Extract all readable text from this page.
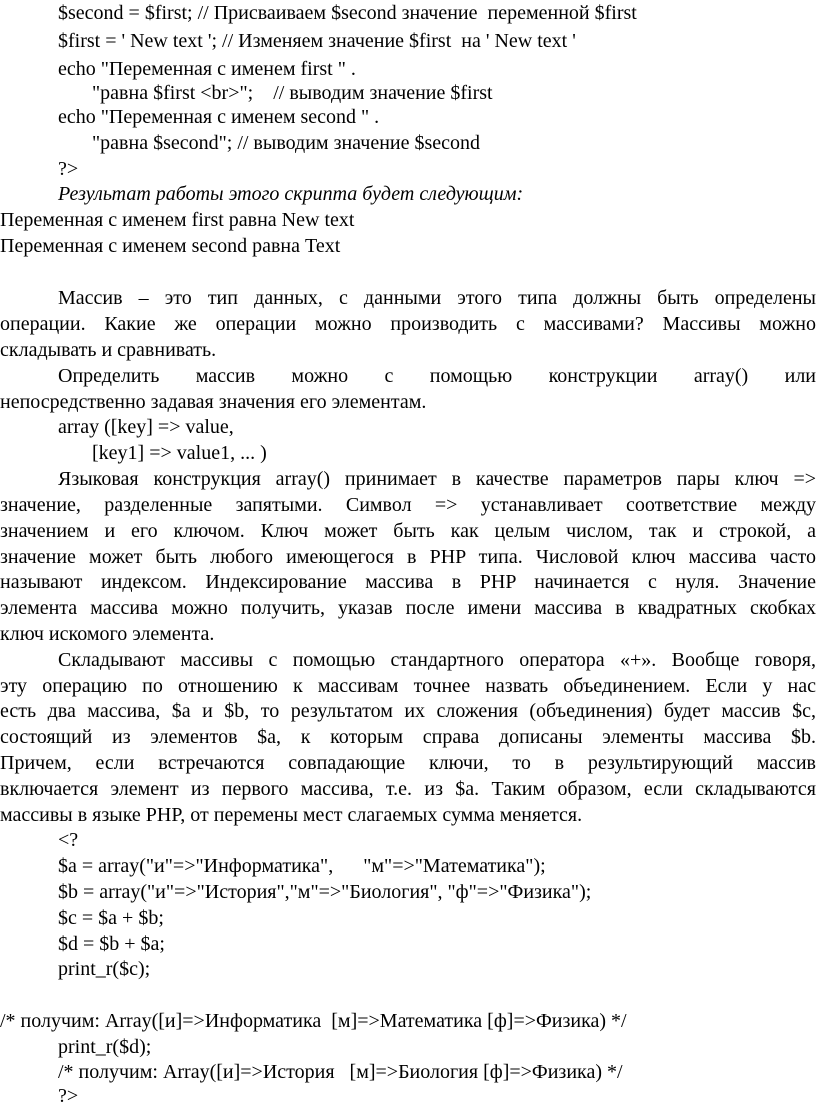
$second = $first; // Присваиваем $second значение  переменной $first

$first = ' New text '; // Изменяем значение $first  на ' New text '

echo "Переменная с именем first " .

"равна $first <br>";    // выводим значение $first

echo "Переменная с именем second " .

"равна $second"; // выводим значение $second

?>

Результат работы этого скрипта будет следующим:

Переменная с именем first равна New text

Переменная с именем second равна Text

Массив – это тип данных, с данными этого типа должны быть определены

операции. Какие же операции можно производить с массивами? Массивы можно

складывать и сравнивать.

Определить массив можно с помощью конструкции array() или

непосредственно задавая значения его элементам.

array ([key] => value,

[key1] => value1, ... )

Языковая конструкция array() принимает в качестве параметров пары ключ =>

значение, разделенные запятыми. Символ => устанавливает соответствие между

значением и его ключом. Ключ может быть как целым числом, так и строкой, а

значение может быть любого имеющегося в PHP типа. Числовой ключ массива часто

называют индексом. Индексирование массива в PHP начинается с нуля. Значение

элемента массива можно получить, указав после имени массива в квадратных скобках

ключ искомого элемента.

Складывают массивы с помощью стандартного оператора «+». Вообще говоря,

эту операцию по отношению к массивам точнее назвать объединением. Если у нас

есть два массива, $a и $b, то результатом их сложения (объединения) будет массив $c,

состоящий из элементов $a, к которым справа дописаны элементы массива $b.

Причем, если встречаются совпадающие ключи, то в результирующий массив

включается элемент из первого массива, т.е. из $a. Таким образом, если складываются

массивы в языке PHP, от перемены мест слагаемых сумма меняется.

<?

$a = array("и"=>"Информатика",      "м"=>"Математика");

$b = array("и"=>"История","м"=>"Биология", "ф"=>"Физика");

$c = $a + $b;

$d = $b + $a;

print_r($c);

/* получим: Array([и]=>Информатика  [м]=>Математика [ф]=>Физика) */

print_r($d);

/* получим: Array([и]=>История   [м]=>Биология [ф]=>Физика) */

?>
